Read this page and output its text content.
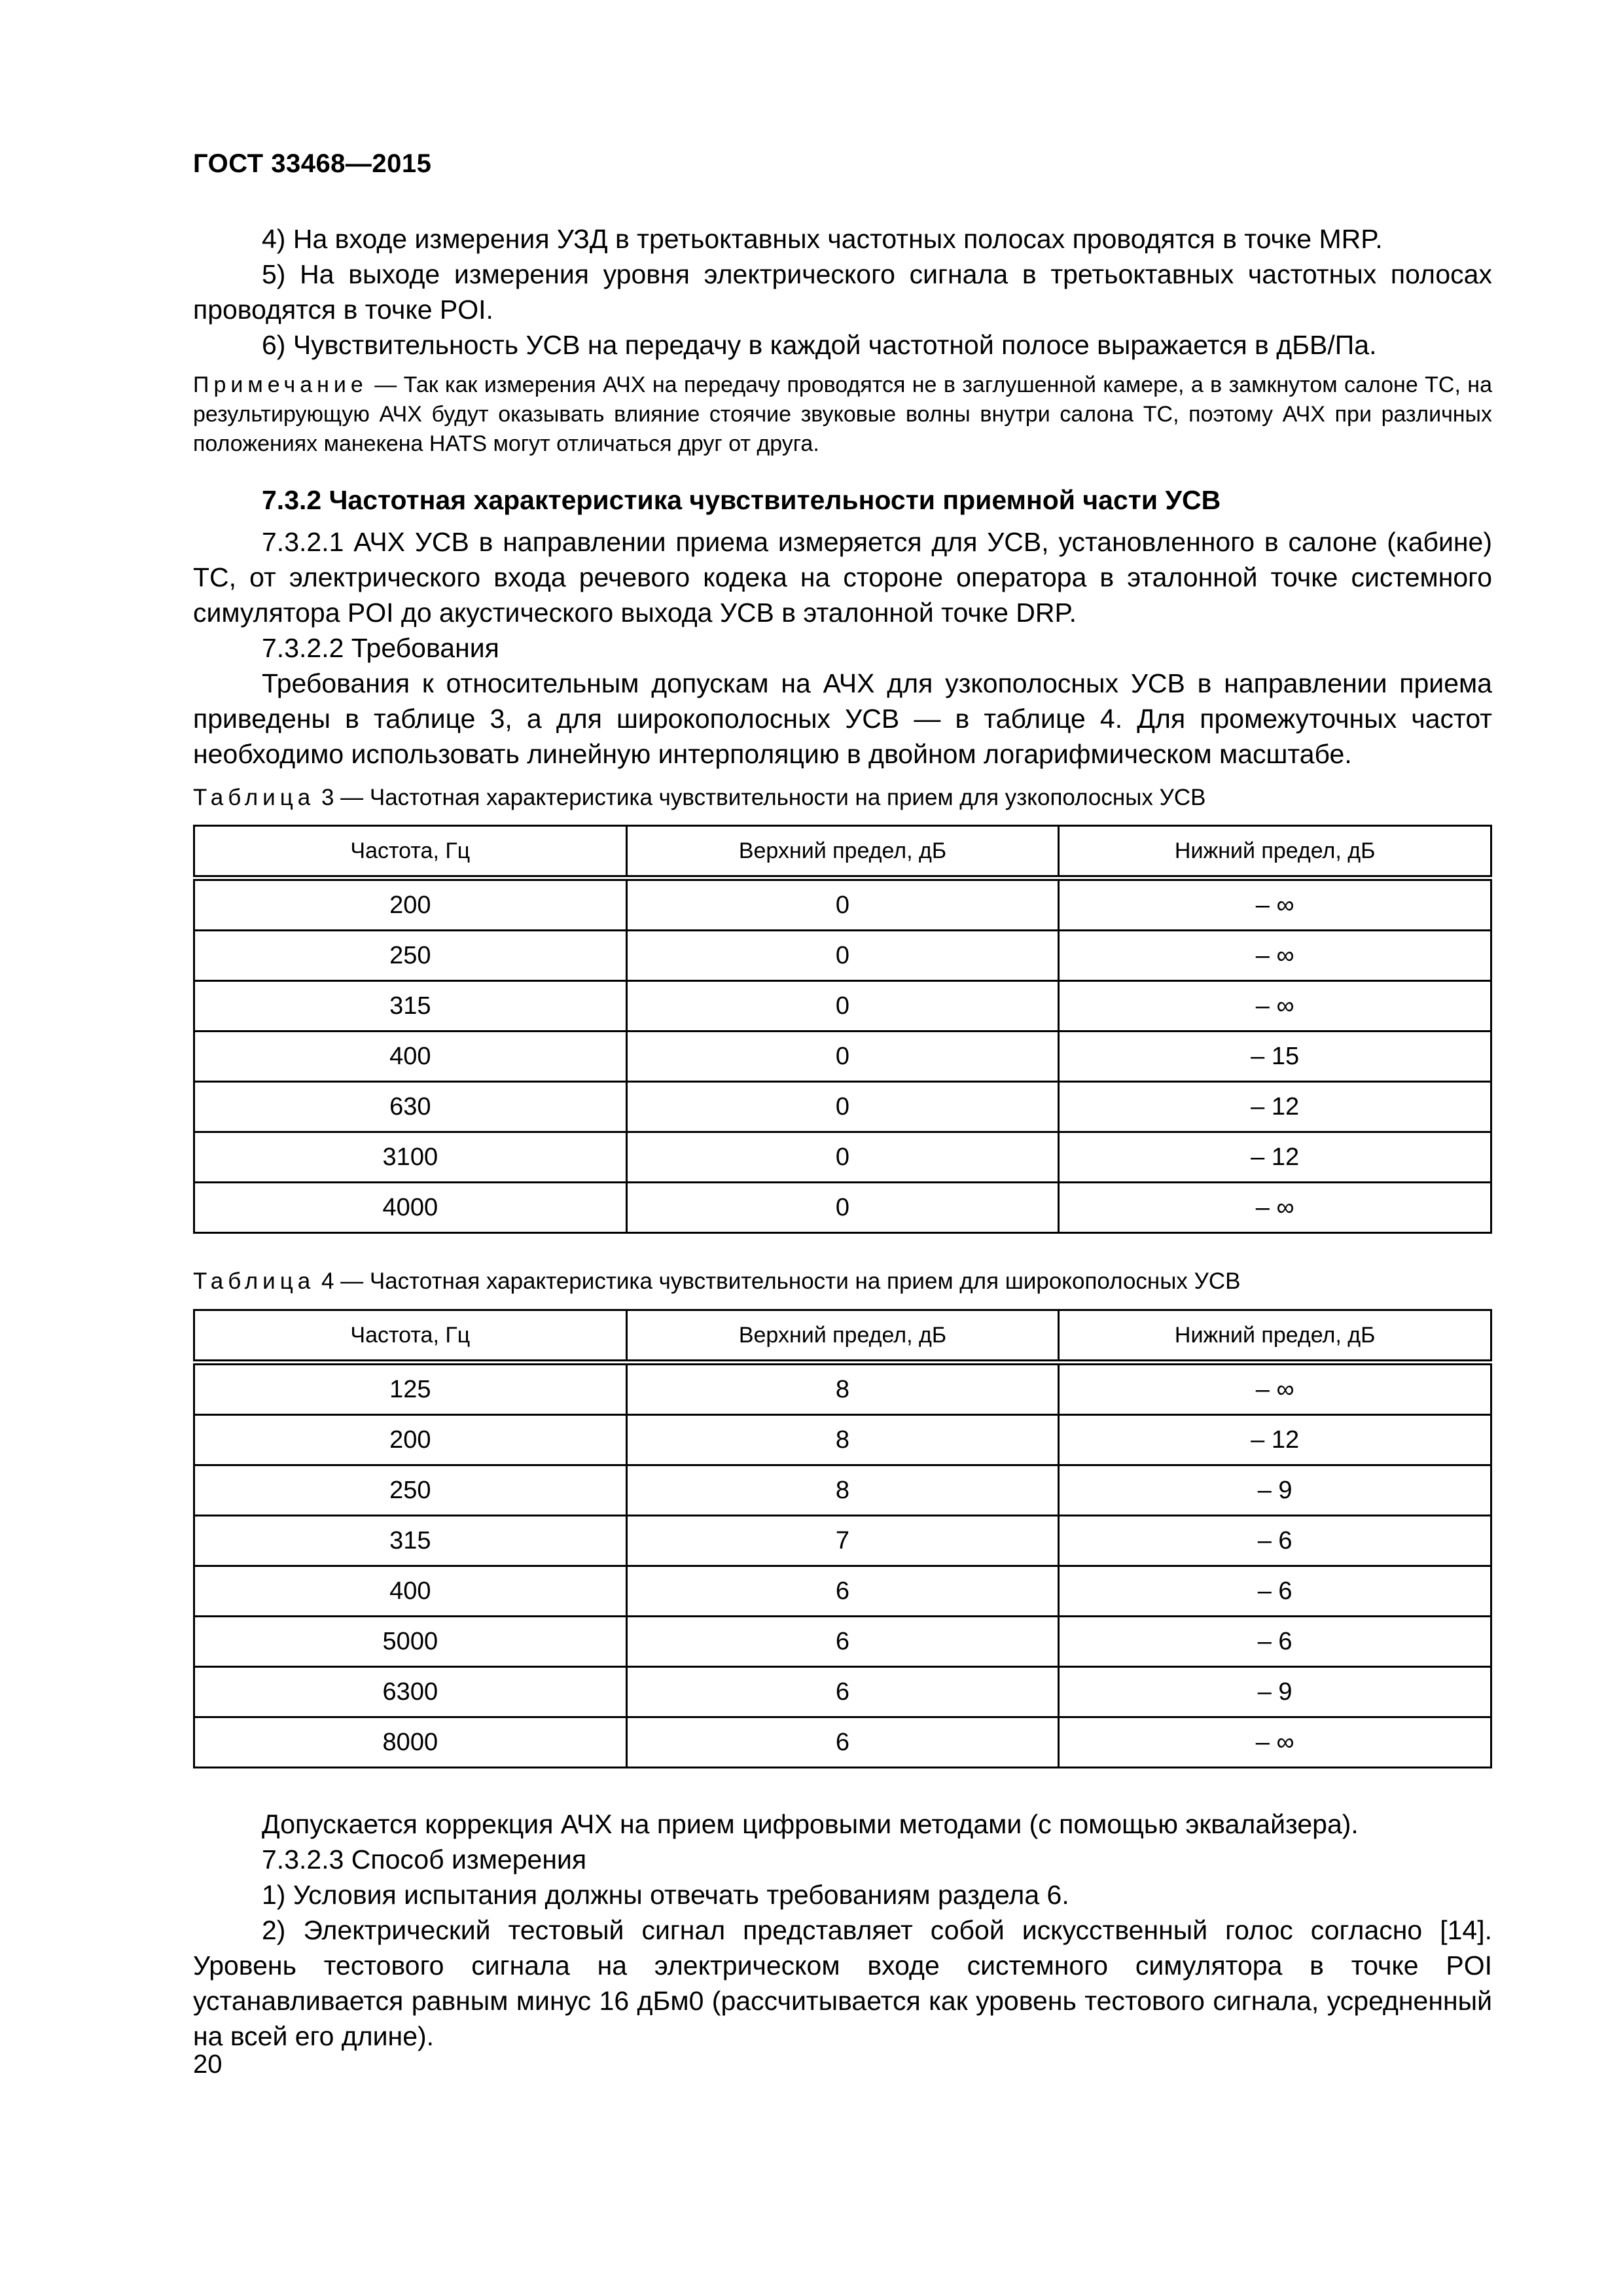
ГОСТ 33468—2015

4) На входе измерения УЗД в третьоктавных частотных полосах проводятся в точке MRP.

5) На выходе измерения уровня электрического сигнала в третьоктавных частотных полосах проводятся в точке POI.

6) Чувствительность УСВ на передачу в каждой частотной полосе выражается в дБВ/Па.

Примечание — Так как измерения АЧХ на передачу проводятся не в заглушенной камере, а в замкнутом салоне ТС, на результирующую АЧХ будут оказывать влияние стоячие звуковые волны внутри салона ТС, поэтому АЧХ при различных положениях манекена HATS могут отличаться друг от друга.

7.3.2 Частотная характеристика чувствительности приемной части УСВ

7.3.2.1 АЧХ УСВ в направлении приема измеряется для УСВ, установленного в салоне (кабине) ТС, от электрического входа речевого кодека на стороне оператора в эталонной точке системного симулятора POI до акустического выхода УСВ в эталонной точке DRP.

7.3.2.2 Требования

Требования к относительным допускам на АЧХ для узкополосных УСВ в направлении приема приведены в таблице 3, а для широкополосных УСВ — в таблице 4. Для промежуточных частот необходимо использовать линейную интерполяцию в двойном логарифмическом масштабе.

Таблица 3 — Частотная характеристика чувствительности на прием для узкополосных УСВ

Частота, Гц	Верхний предел, дБ	Нижний предел, дБ
200	0	– ∞
250	0	– ∞
315	0	– ∞
400	0	– 15
630	0	– 12
3100	0	– 12
4000	0	– ∞

Таблица 4 — Частотная характеристика чувствительности на прием для широкополосных УСВ

Частота, Гц	Верхний предел, дБ	Нижний предел, дБ
125	8	– ∞
200	8	– 12
250	8	– 9
315	7	– 6
400	6	– 6
5000	6	– 6
6300	6	– 9
8000	6	– ∞

Допускается коррекция АЧХ на прием цифровыми методами (с помощью эквалайзера).

7.3.2.3 Способ измерения

1) Условия испытания должны отвечать требованиям раздела 6.

2) Электрический тестовый сигнал представляет собой искусственный голос согласно [14]. Уровень тестового сигнала на электрическом входе системного симулятора в точке POI устанавливается равным минус 16 дБм0 (рассчитывается как уровень тестового сигнала, усредненный на всей его длине).

20
